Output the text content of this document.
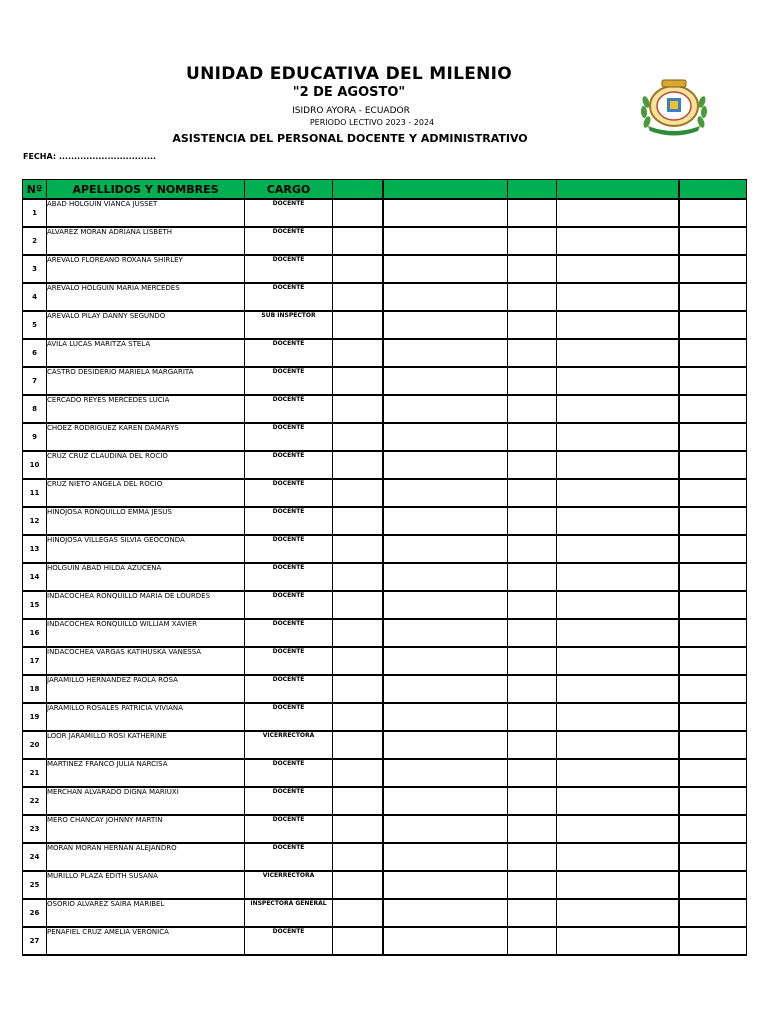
UNIDAD EDUCATIVA DEL MILENIO
"2 DE AGOSTO"
ISIDRO AYORA - ECUADOR
PERIODO LECTIVO 2023 - 2024
ASISTENCIA DEL PERSONAL DOCENTE Y ADMINISTRATIVO
FECHA: ................................
Nº	APELLIDOS Y NOMBRES	CARGO					
1	ABAD HOLGUIN VIANCA JUSSET	DOCENTE					
2	ALVAREZ MORAN ADRIANA LISBETH	DOCENTE					
3	AREVALO FLOREANO ROXANA SHIRLEY	DOCENTE					
4	AREVALO HOLGUIN MARIA MERCEDES	DOCENTE					
5	AREVALO PILAY DANNY SEGUNDO	SUB INSPECTOR					
6	AVILA LUCAS MARITZA STELA	DOCENTE					
7	CASTRO DESIDERIO MARIELA MARGARITA	DOCENTE					
8	CERCADO REYES MERCEDES LUCIA	DOCENTE					
9	CHOEZ RODRIGUEZ KAREN DAMARYS	DOCENTE					
10	CRUZ CRUZ CLAUDINA DEL ROCIO	DOCENTE					
11	CRUZ NIETO ANGELA DEL ROCIO	DOCENTE					
12	HINOJOSA RONQUILLO EMMA JESUS	DOCENTE					
13	HINOJOSA VILLEGAS SILVIA GEOCONDA	DOCENTE					
14	HOLGUÍN ABAD HILDA AZUCENA	DOCENTE					
15	INDACOCHEA RONQUILLO MARIA DE LOURDES	DOCENTE					
16	INDACOCHEA RONQUILLO WILLIAM XAVIER	DOCENTE					
17	INDACOCHEA VARGAS KATIHUSKA VANESSA	DOCENTE					
18	JARAMILLO HERNANDEZ PAOLA ROSA	DOCENTE					
19	JARAMILLO ROSALES PATRICIA VIVIANA	DOCENTE					
20	LOOR JARAMILLO ROSI KATHERINE	VICERRECTORA					
21	MARTINEZ FRANCO JULIA NARCISA	DOCENTE					
22	MERCHAN ALVARADO DIGNA MARIUXI	DOCENTE					
23	MERO CHANCAY JOHNNY MARTIN	DOCENTE					
24	MORAN MORAN HERNAN ALEJANDRO	DOCENTE					
25	MURILLO PLAZA EDITH SUSANA	VICERRECTORA					
26	OSORIO ALVAREZ SAIRA MARIBEL	INSPECTORA GENERAL					
27	PEÑAFIEL CRUZ AMELIA VERONICA	DOCENTE					
